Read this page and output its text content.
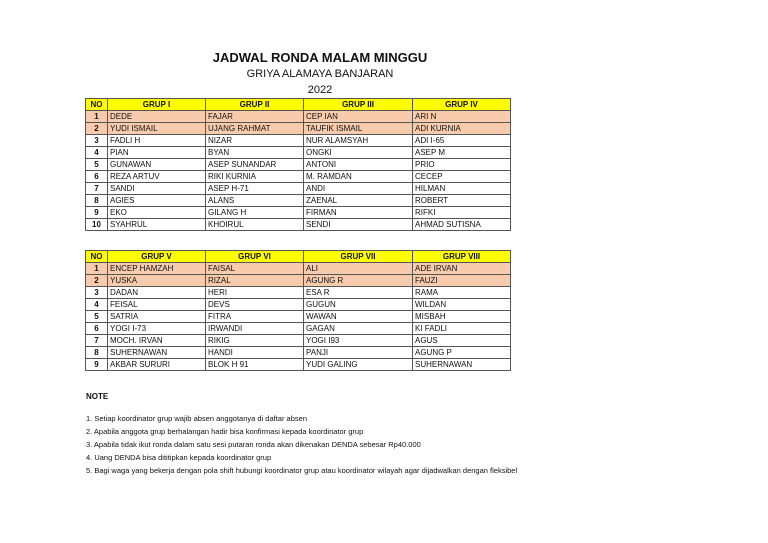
JADWAL RONDA MALAM MINGGU
GRIYA ALAMAYA BANJARAN
2022
NO	GRUP I	GRUP II	GRUP III	GRUP IV
1	DEDE	FAJAR	CEP IAN	ARI N
2	YUDI ISMAIL	UJANG RAHMAT	TAUFIK ISMAIL	ADI KURNIA
3	FADLI H	NIZAR	NUR ALAMSYAH	ADI I-65
4	PIAN	BYAN	ONGKI	ASEP M
5	GUNAWAN	ASEP SUNANDAR	ANTONI	PRIO
6	REZA ARTUV	RIKI KURNIA	M. RAMDAN	CECEP
7	SANDI	ASEP H-71	ANDI	HILMAN
8	AGIES	ALANS	ZAENAL	ROBERT
9	EKO	GILANG H	FIRMAN	RIFKI
10	SYAHRUL	KHOIRUL	SENDI	AHMAD SUTISNA
NO	GRUP V	GRUP VI	GRUP VII	GRUP VIII
1	ENCEP HAMZAH	FAISAL	ALI	ADE IRVAN
2	YUSKA	RIZAL	AGUNG R	FAUZI
3	DADAN	HERI	ESA R	RAMA
4	FEISAL	DEVS	GUGUN	WILDAN
5	SATRIA	FITRA	WAWAN	MISBAH
6	YOGI I-73	IRWANDI	GAGAN	KI FADLI
7	MOCH. IRVAN	RIKIG	YOGI I93	AGUS
8	SUHERNAWAN	HANDI	PANJI	AGUNG P
9	AKBAR SURURI	BLOK H 91	YUDI GALING	SUHERNAWAN
NOTE
1. Setiap koordinator grup wajib absen anggotanya di daftar absen
2. Apabila anggota grup berhalangan hadir bisa konfirmasi kepada koordinator grup
3. Apabila tidak ikut ronda dalam satu sesi putaran ronda akan dikenakan DENDA sebesar Rp40.000
4. Uang DENDA bisa dititipkan kepada koordinator grup
5. Bagi waga yang bekerja dengan pola shift hubungi koordinator grup atau koordinator wilayah agar dijadwalkan dengan fleksibel
